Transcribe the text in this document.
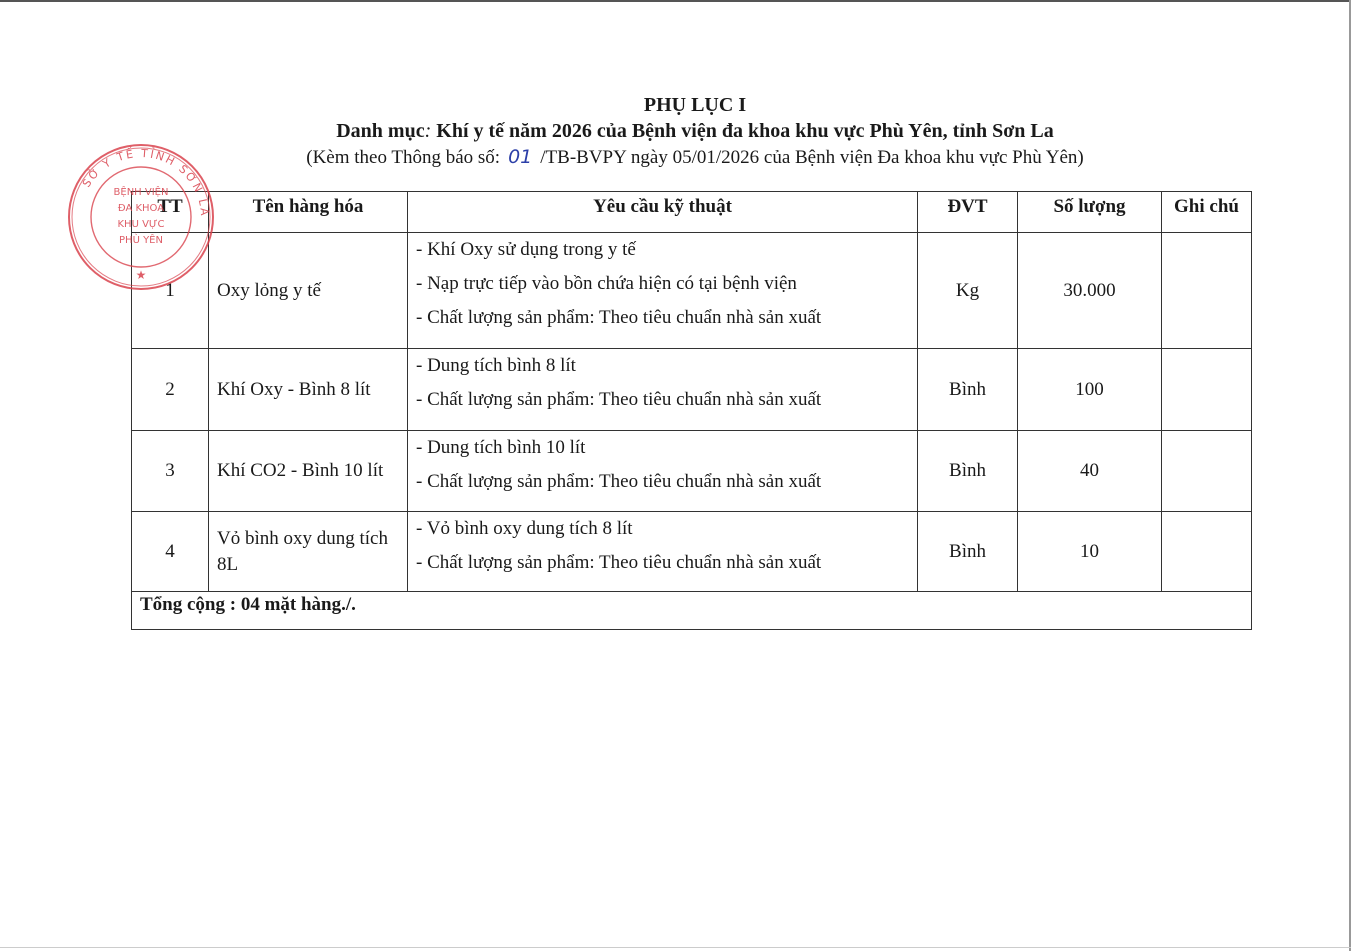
PHỤ LỤC I
Danh mục: Khí y tế năm 2026 của Bệnh viện đa khoa khu vực Phù Yên, tỉnh Sơn La
(Kèm theo Thông báo số: 01 /TB-BVPY ngày 05/01/2026 của Bệnh viện Đa khoa khu vực Phù Yên)
TT	Tên hàng hóa	Yêu cầu kỹ thuật	ĐVT	Số lượng	Ghi chú
1	Oxy lỏng y tế	- Khí Oxy sử dụng trong y tế
- Nạp trực tiếp vào bồn chứa hiện có tại bệnh viện
- Chất lượng sản phẩm: Theo tiêu chuẩn nhà sản xuất	Kg	30.000	
2	Khí Oxy - Bình 8 lít	- Dung tích bình 8 lít
- Chất lượng sản phẩm: Theo tiêu chuẩn nhà sản xuất	Bình	100	
3	Khí CO2 - Bình 10 lít	- Dung tích bình 10 lít
- Chất lượng sản phẩm: Theo tiêu chuẩn nhà sản xuất	Bình	40	
4	Vỏ bình oxy dung tích 8L	- Vỏ bình oxy dung tích 8 lít
- Chất lượng sản phẩm: Theo tiêu chuẩn nhà sản xuất	Bình	10	
Tổng cộng : 04 mặt hàng./.					
SỞ Y TẾ TỈNH SƠN LA
BỆNH VIỆN
ĐA KHOA
KHU VỰC
PHÙ YÊN
★
